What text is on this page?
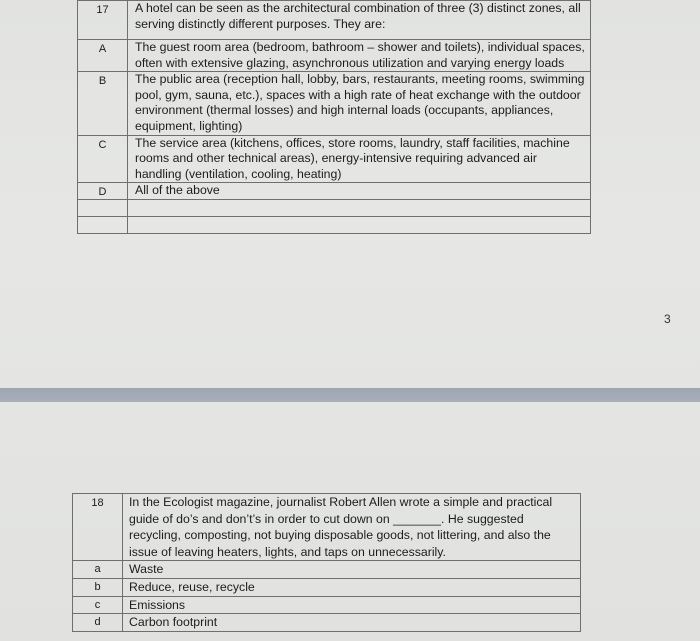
17	A hotel can be seen as the architectural combination of three (3) distinct zones, all serving distinctly different purposes. They are:
A	The guest room area (bedroom, bathroom – shower and toilets), individual spaces, often with extensive glazing, asynchronous utilization and varying energy loads
B	The public area (reception hall, lobby, bars, restaurants, meeting rooms, swimming pool, gym, sauna, etc.), spaces with a high rate of heat exchange with the outdoor environment (thermal losses) and high internal loads (occupants, appliances, equipment, lighting)
C	The service area (kitchens, offices, store rooms, laundry, staff facilities, machine rooms and other technical areas), energy-intensive requiring advanced air handling (ventilation, cooling, heating)
D	All of the above

3
18	In the Ecologist magazine, journalist Robert Allen wrote a simple and practical guide of do’s and don’t’s in order to cut down on _______. He suggested recycling, composting, not buying disposable goods, not littering, and also the issue of leaving heaters, lights, and taps on unnecessarily.
a	Waste
b	Reduce, reuse, recycle
c	Emissions
d	Carbon footprint
